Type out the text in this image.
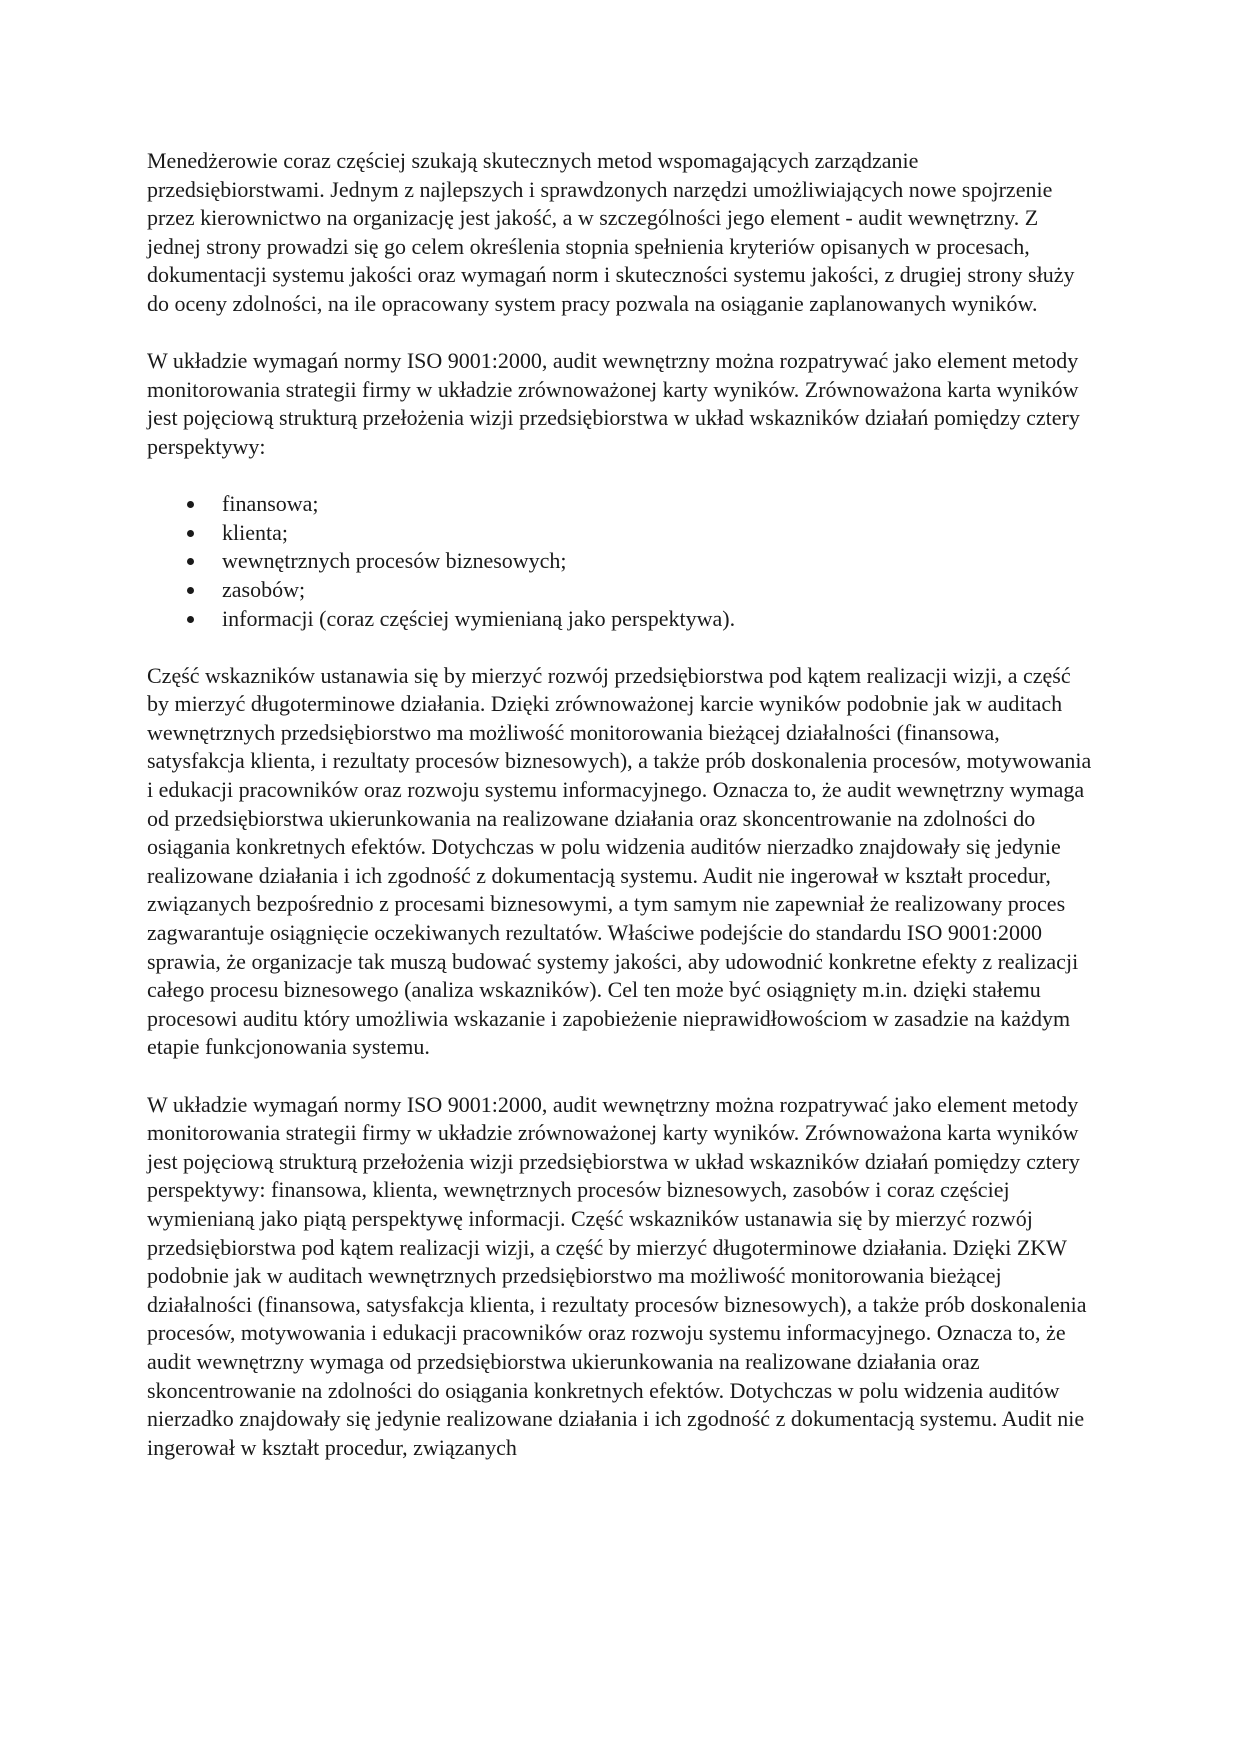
Menedżerowie coraz częściej szukają skutecznych metod wspomagających zarządzanie przedsiębiorstwami. Jednym z najlepszych i sprawdzonych narzędzi umożliwiających nowe spojrzenie przez kierownictwo na organizację jest jakość, a w szczególności jego element - audit wewnętrzny. Z jednej strony prowadzi się go celem określenia stopnia spełnienia kryteriów opisanych w procesach, dokumentacji systemu jakości oraz wymagań norm i skuteczności systemu jakości, z drugiej strony służy do oceny zdolności, na ile opracowany system pracy pozwala na osiąganie zaplanowanych wyników.

W układzie wymagań normy ISO 9001:2000, audit wewnętrzny można rozpatrywać jako element metody monitorowania strategii firmy w układzie zrównoważonej karty wyników. Zrównoważona karta wyników jest pojęciową strukturą przełożenia wizji przedsiębiorstwa w układ wskazników działań pomiędzy cztery perspektywy:

finansowa;
klienta;
wewnętrznych procesów biznesowych;
zasobów;
informacji (coraz częściej wymienianą jako perspektywa).

Część wskazników ustanawia się by mierzyć rozwój przedsiębiorstwa pod kątem realizacji wizji, a część by mierzyć długoterminowe działania. Dzięki zrównoważonej karcie wyników podobnie jak w auditach wewnętrznych przedsiębiorstwo ma możliwość monitorowania bieżącej działalności (finansowa, satysfakcja klienta, i rezultaty procesów biznesowych), a także prób doskonalenia procesów, motywowania i edukacji pracowników oraz rozwoju systemu informacyjnego. Oznacza to, że audit wewnętrzny wymaga od przedsiębiorstwa ukierunkowania na realizowane działania oraz skoncentrowanie na zdolności do osiągania konkretnych efektów. Dotychczas w polu widzenia auditów nierzadko znajdowały się jedynie realizowane działania i ich zgodność z dokumentacją systemu. Audit nie ingerował w kształt procedur, związanych bezpośrednio z procesami biznesowymi, a tym samym nie zapewniał że realizowany proces zagwarantuje osiągnięcie oczekiwanych rezultatów. Właściwe podejście do standardu ISO 9001:2000 sprawia, że organizacje tak muszą budować systemy jakości, aby udowodnić konkretne efekty z realizacji całego procesu biznesowego (analiza wskazników). Cel ten może być osiągnięty m.in. dzięki stałemu procesowi auditu który umożliwia wskazanie i zapobieżenie nieprawidłowościom w zasadzie na każdym etapie funkcjonowania systemu.

W układzie wymagań normy ISO 9001:2000, audit wewnętrzny można rozpatrywać jako element metody monitorowania strategii firmy w układzie zrównoważonej karty wyników. Zrównoważona karta wyników jest pojęciową strukturą przełożenia wizji przedsiębiorstwa w układ wskazników działań pomiędzy cztery perspektywy: finansowa, klienta, wewnętrznych procesów biznesowych, zasobów i coraz częściej wymienianą jako piątą perspektywę informacji. Część wskazników ustanawia się by mierzyć rozwój przedsiębiorstwa pod kątem realizacji wizji, a część by mierzyć długoterminowe działania. Dzięki ZKW podobnie jak w auditach wewnętrznych przedsiębiorstwo ma możliwość monitorowania bieżącej działalności (finansowa, satysfakcja klienta, i rezultaty procesów biznesowych), a także prób doskonalenia procesów, motywowania i edukacji pracowników oraz rozwoju systemu informacyjnego. Oznacza to, że audit wewnętrzny wymaga od przedsiębiorstwa ukierunkowania na realizowane działania oraz skoncentrowanie na zdolności do osiągania konkretnych efektów. Dotychczas w polu widzenia auditów nierzadko znajdowały się jedynie realizowane działania i ich zgodność z dokumentacją systemu. Audit nie ingerował w kształt procedur, związanych
